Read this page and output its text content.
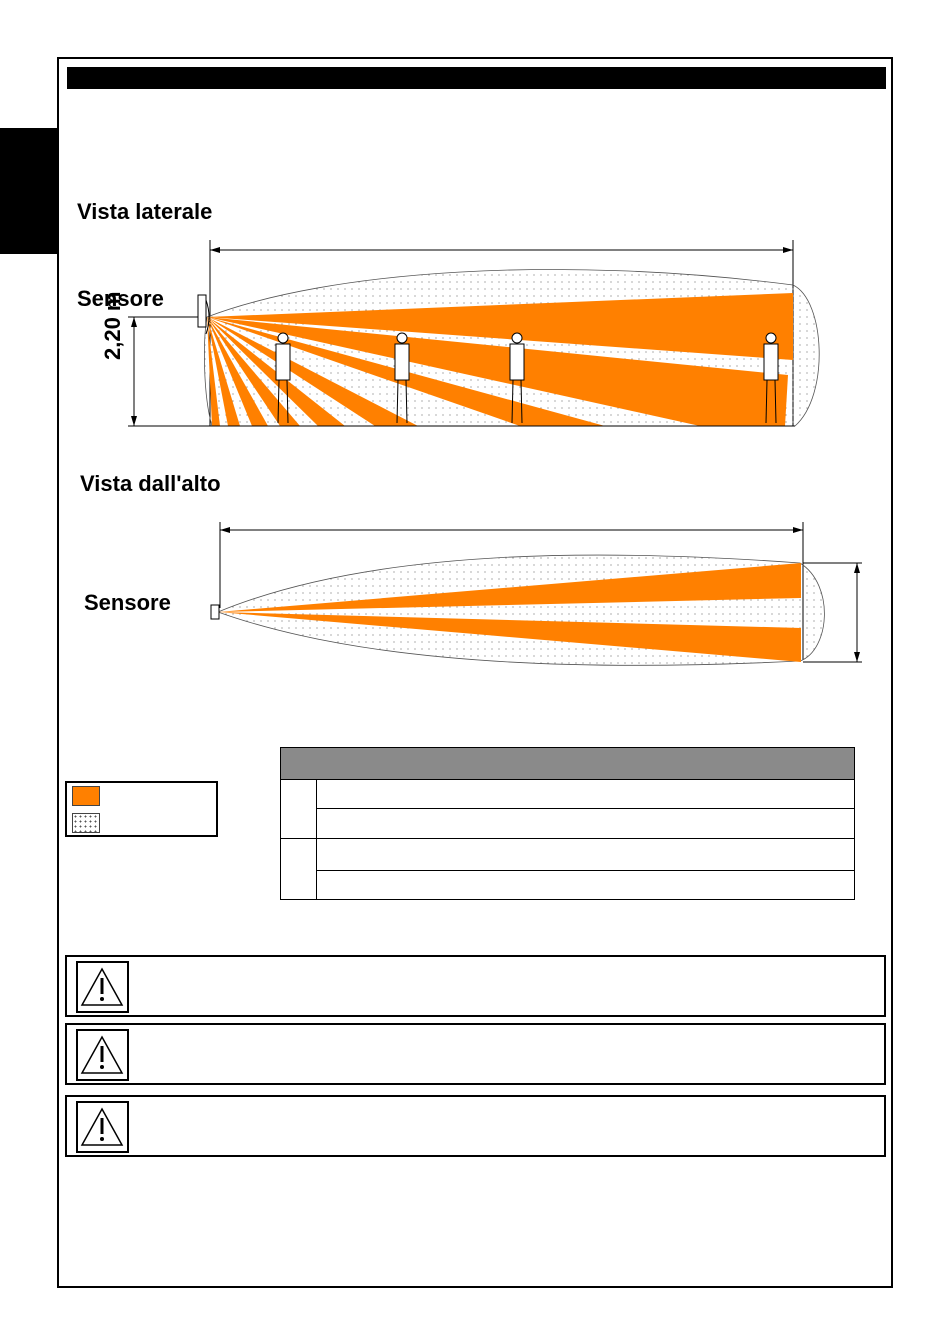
Vista laterale
Sensore
2,20 m
Vista dall'alto
Sensore
